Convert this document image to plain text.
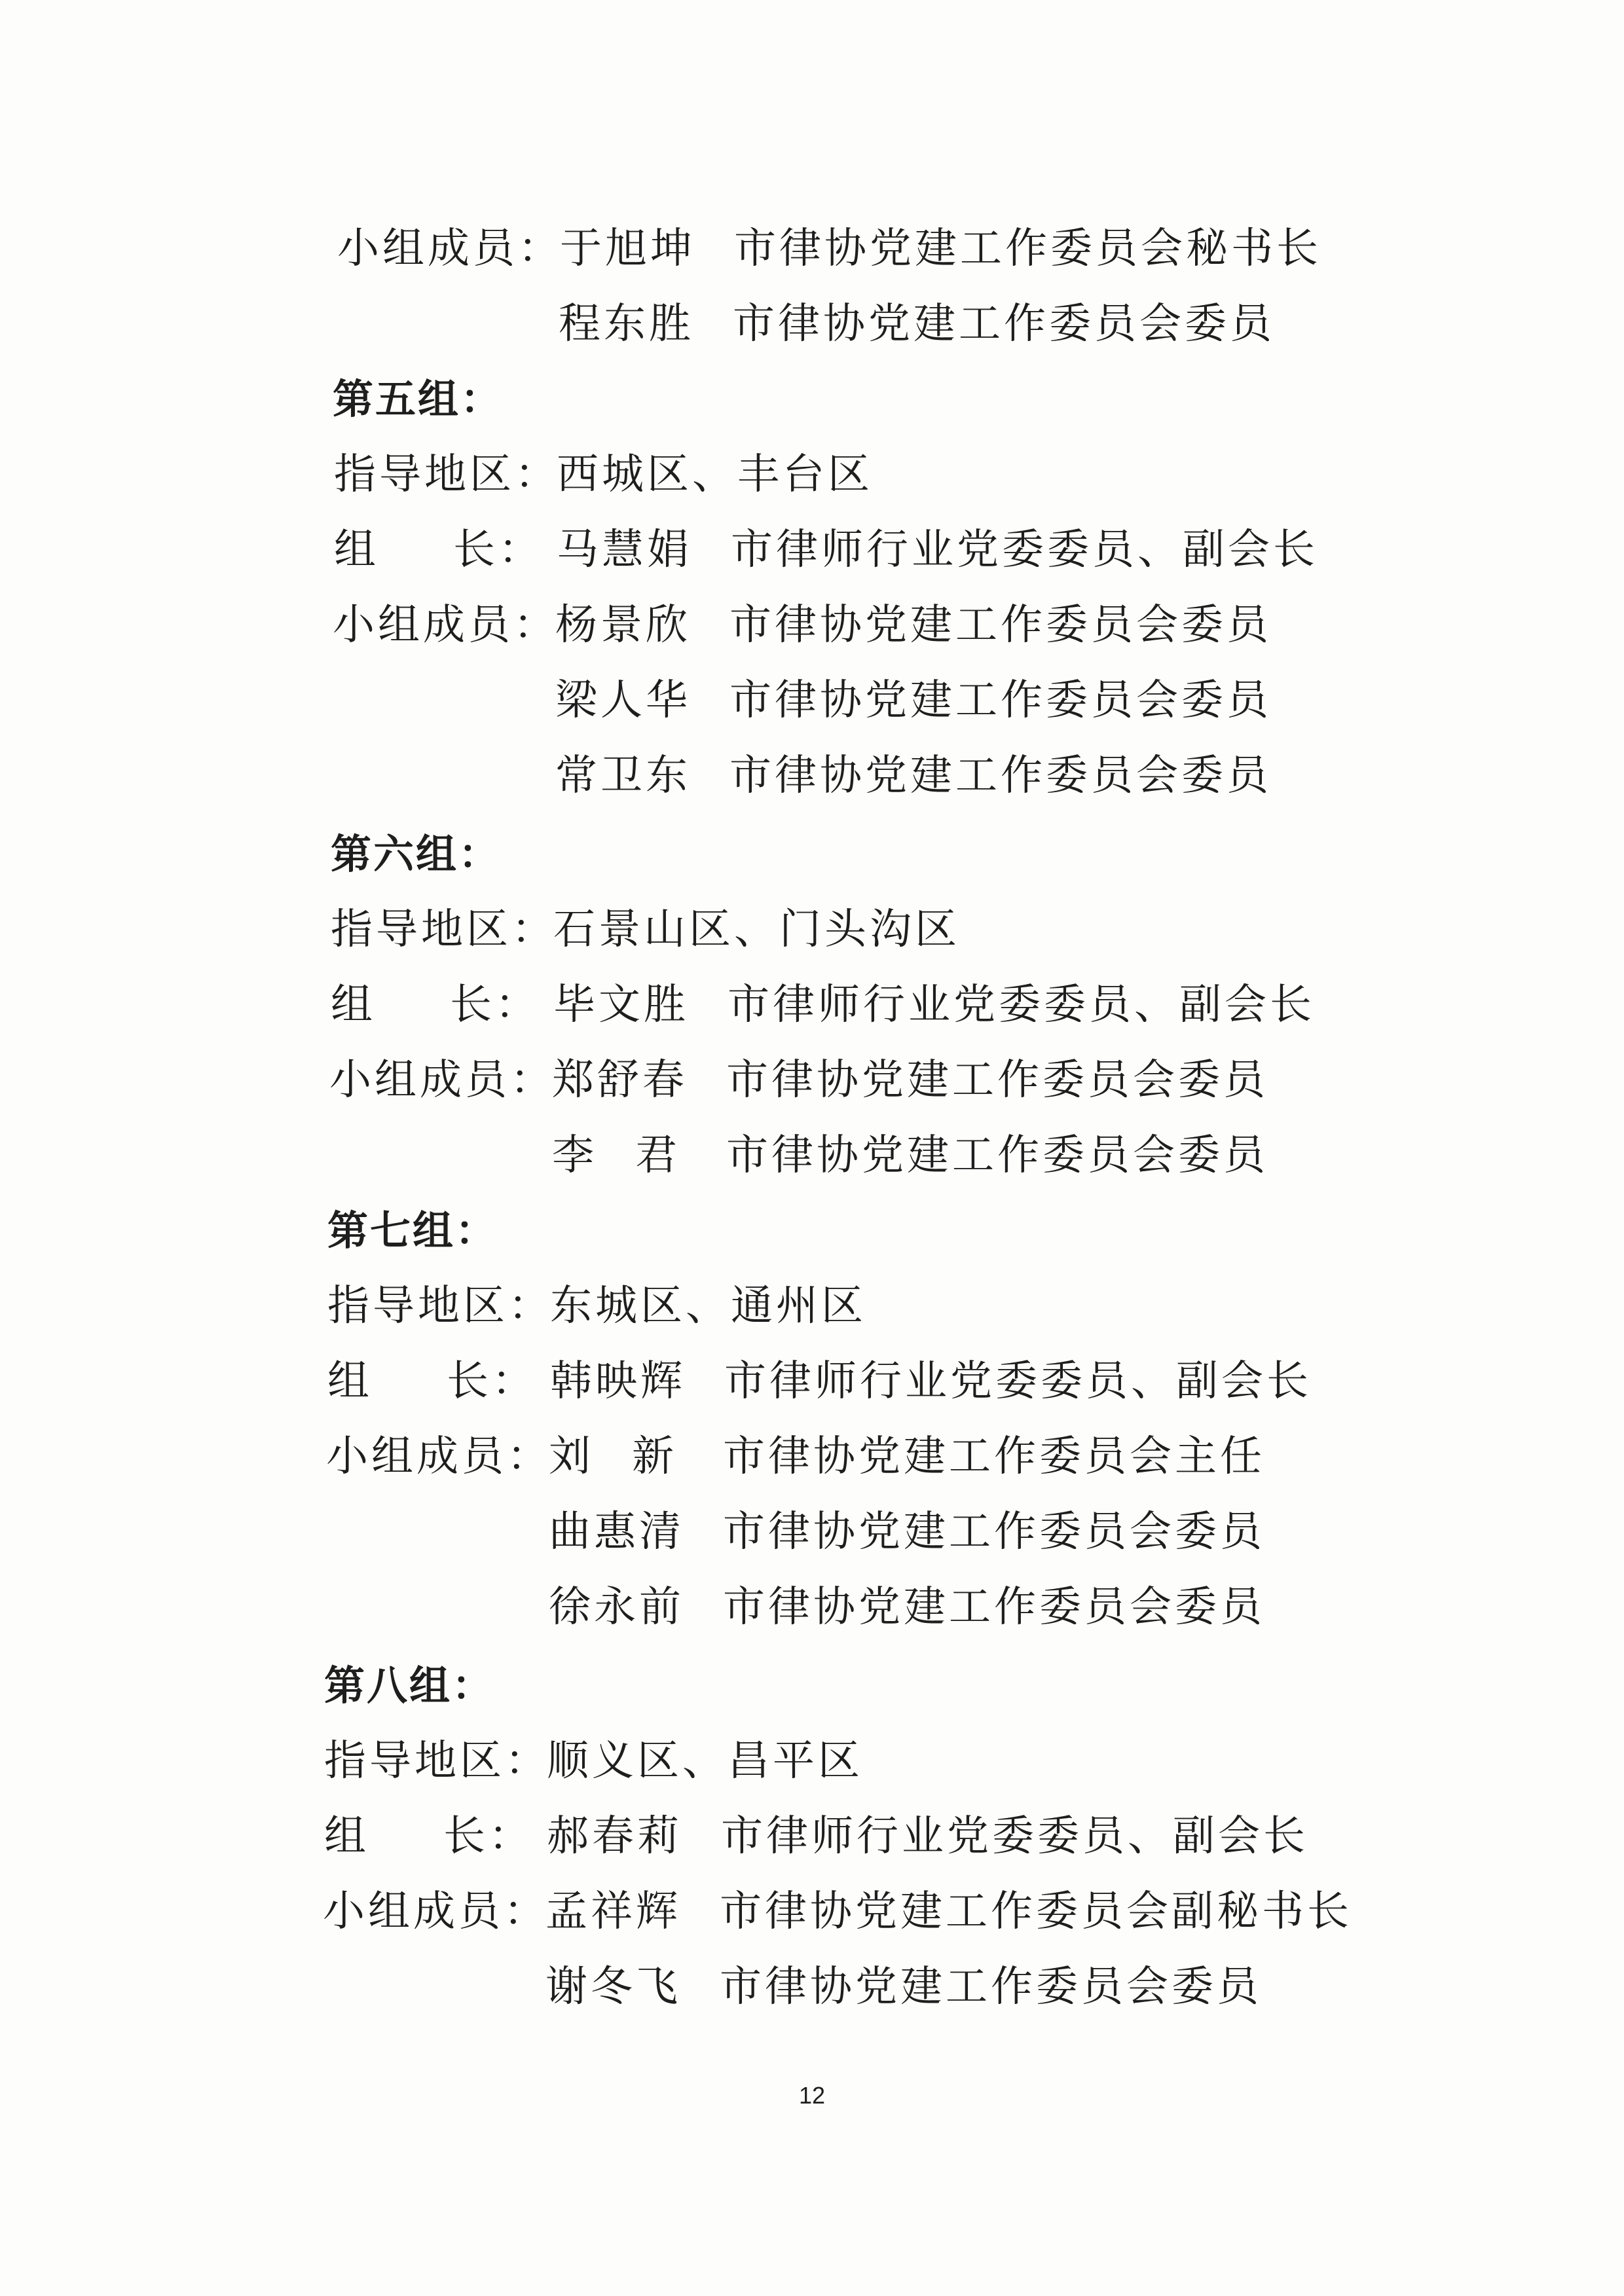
小组成员：
于旭坤 市律协党建工作委员会秘书长
程东胜 市律协党建工作委员会委员
第五组：
指导地区：
西城区、丰台区
组 长： 马慧娟 市律师行业党委委员、副会长
小组成员：
杨景欣 市律协党建工作委员会委员
梁人华 市律协党建工作委员会委员
常卫东 市律协党建工作委员会委员
第六组：
指导地区：
石景山区、门头沟区
组 长： 毕文胜 市律师行业党委委员、副会长
小组成员：
郑舒春 市律协党建工作委员会委员
李 君 市律协党建工作委员会委员
第七组：
指导地区：
东城区、通州区
组 长： 韩映辉 市律师行业党委委员、副会长
小组成员：
刘 新 市律协党建工作委员会主任
曲惠清 市律协党建工作委员会委员
徐永前 市律协党建工作委员会委员
第八组：
指导地区：
顺义区、昌平区
组 长： 郝春莉 市律师行业党委委员、副会长
小组成员：
孟祥辉 市律协党建工作委员会副秘书长
谢冬飞 市律协党建工作委员会委员
12
